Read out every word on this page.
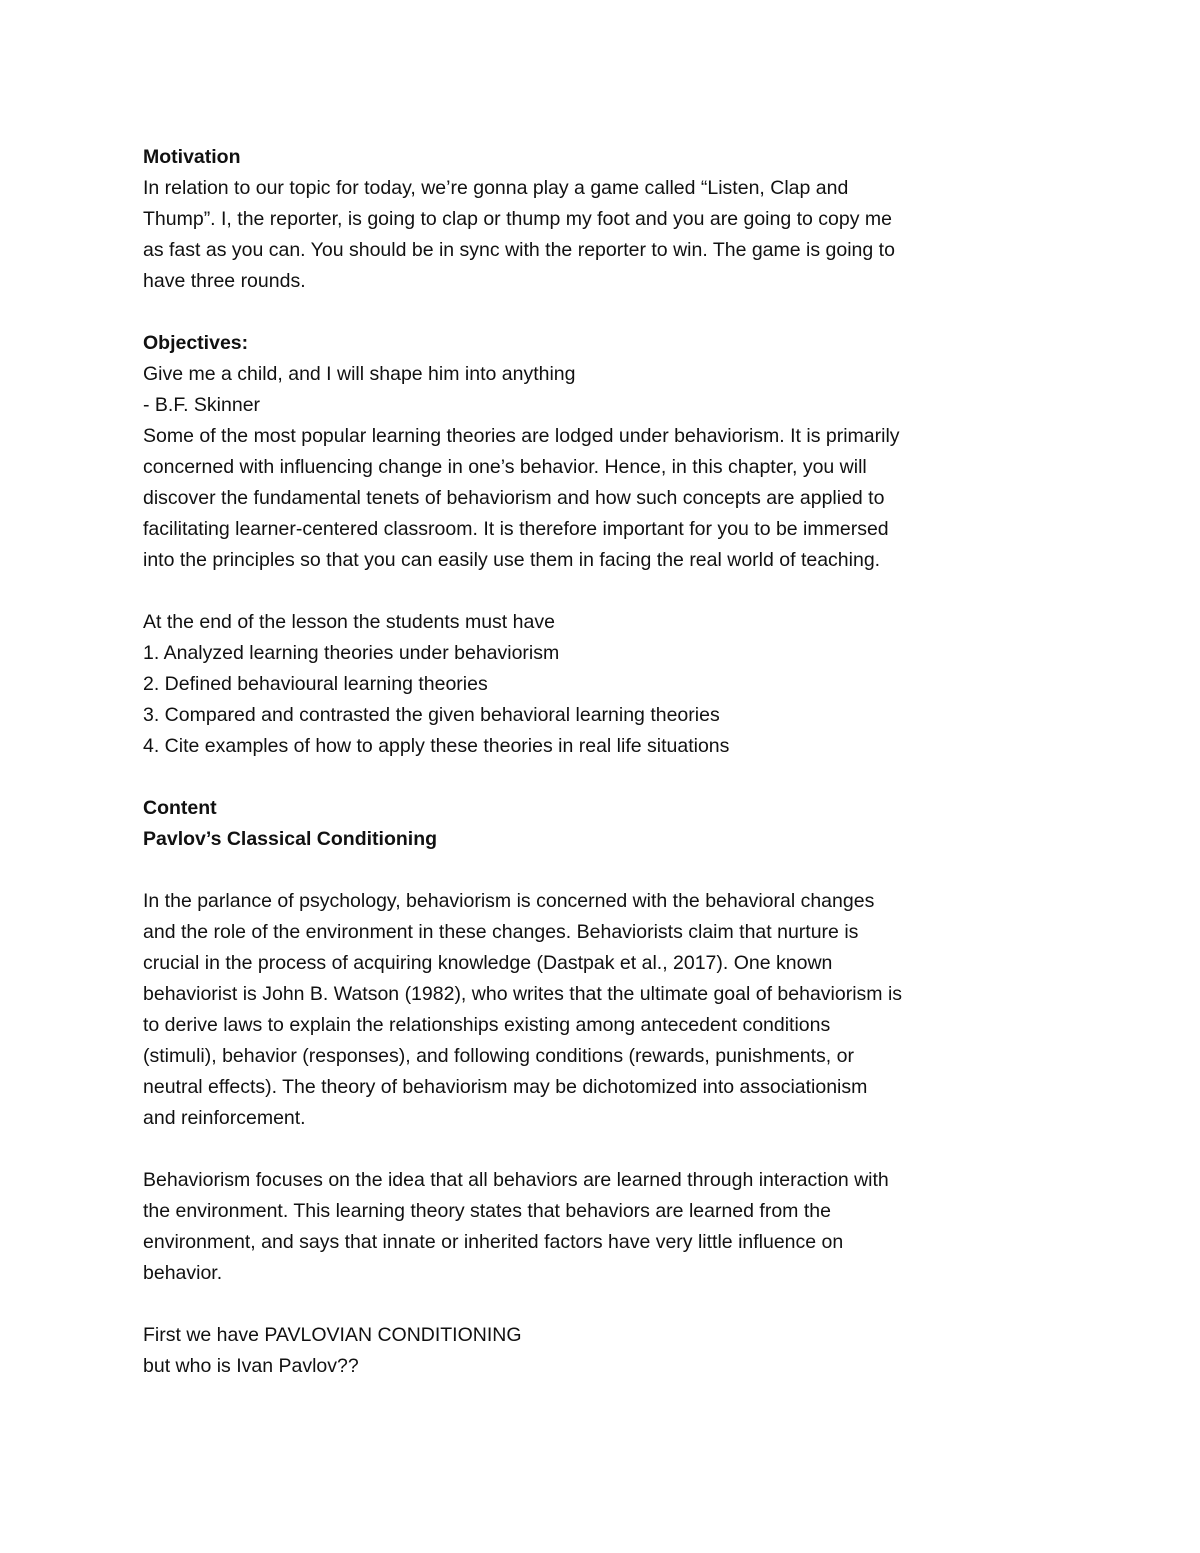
Motivation
In relation to our topic for today, we’re gonna play a game called “Listen, Clap and
Thump”. I, the reporter, is going to clap or thump my foot and you are going to copy me
as fast as you can. You should be in sync with the reporter to win. The game is going to
have three rounds.
Objectives:
Give me a child, and I will shape him into anything
- B.F. Skinner
Some of the most popular learning theories are lodged under behaviorism. It is primarily
concerned with influencing change in one’s behavior. Hence, in this chapter, you will
discover the fundamental tenets of behaviorism and how such concepts are applied to
facilitating learner-centered classroom. It is therefore important for you to be immersed
into the principles so that you can easily use them in facing the real world of teaching.
At the end of the lesson the students must have
1. Analyzed learning theories under behaviorism
2. Defined behavioural learning theories
3. Compared and contrasted the given behavioral learning theories
4. Cite examples of how to apply these theories in real life situations
Content
Pavlov’s Classical Conditioning
In the parlance of psychology, behaviorism is concerned with the behavioral changes
and the role of the environment in these changes. Behaviorists claim that nurture is
crucial in the process of acquiring knowledge (Dastpak et al., 2017). One known
behaviorist is John B. Watson (1982), who writes that the ultimate goal of behaviorism is
to derive laws to explain the relationships existing among antecedent conditions
(stimuli), behavior (responses), and following conditions (rewards, punishments, or
neutral effects). The theory of behaviorism may be dichotomized into associationism
and reinforcement.
Behaviorism focuses on the idea that all behaviors are learned through interaction with
the environment. This learning theory states that behaviors are learned from the
environment, and says that innate or inherited factors have very little influence on
behavior.
First we have PAVLOVIAN CONDITIONING
but who is Ivan Pavlov??
